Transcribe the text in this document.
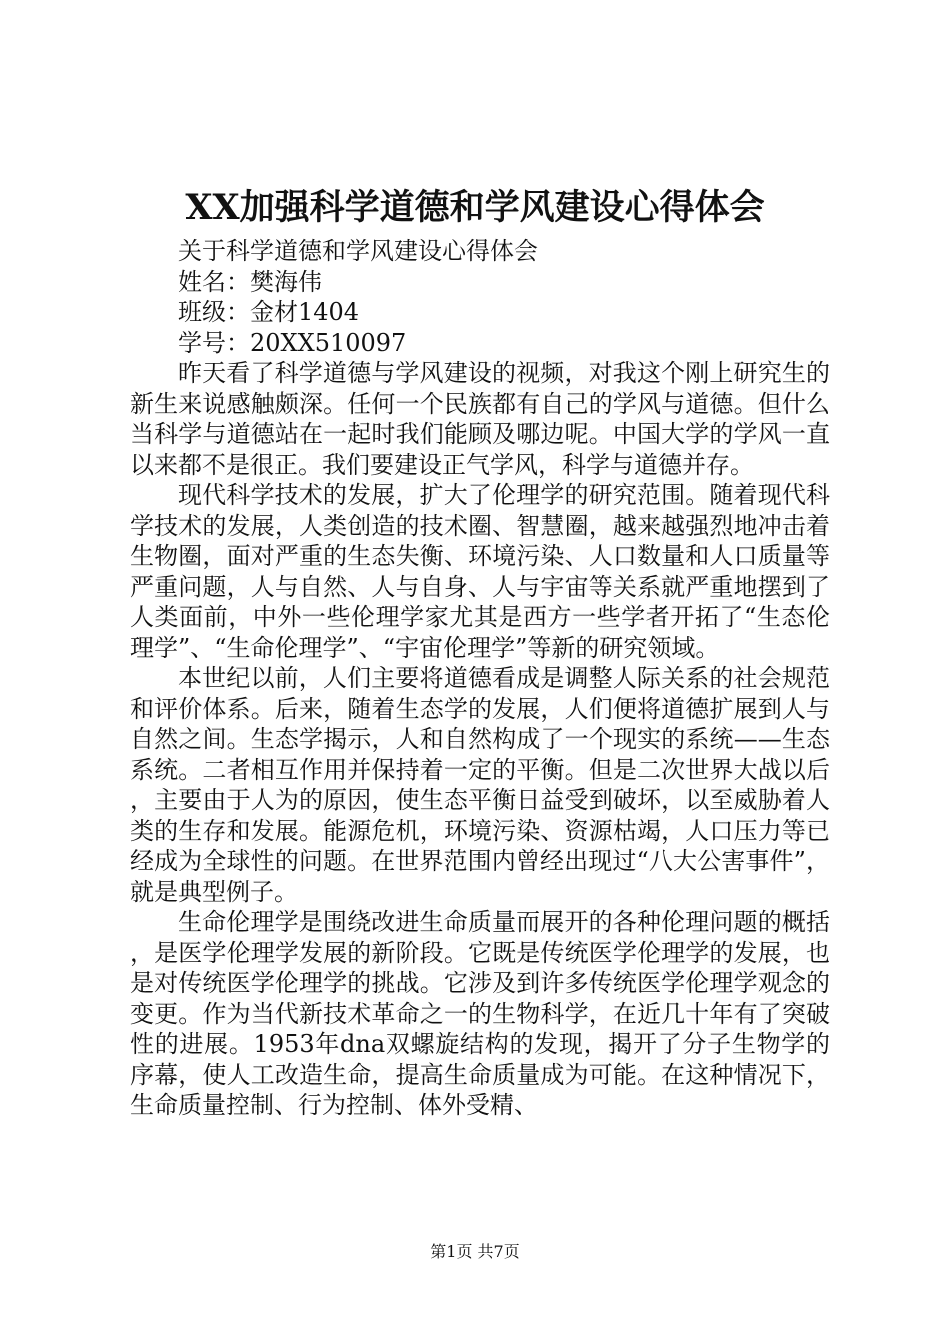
XX加强科学道德和学风建设心得体会

关于科学道德和学风建设心得体会

姓名：樊海伟

班级：金材1404

学号：20XX510097

昨天看了科学道德与学风建设的视频，对我这个刚上研究生的新生来说感触颇深。任何一个民族都有自己的学风与道德。但什么当科学与道德站在一起时我们能顾及哪边呢。中国大学的学风一直以来都不是很正。我们要建设正气学风，科学与道德并存。

现代科学技术的发展，扩大了伦理学的研究范围。随着现代科学技术的发展，人类创造的技术圈、智慧圈，越来越强烈地冲击着生物圈，面对严重的生态失衡、环境污染、人口数量和人口质量等严重问题，人与自然、人与自身、人与宇宙等关系就严重地摆到了人类面前，中外一些伦理学家尤其是西方一些学者开拓了“生态伦理学”、“生命伦理学”、“宇宙伦理学”等新的研究领域。

本世纪以前，人们主要将道德看成是调整人际关系的社会规范和评价体系。后来，随着生态学的发展，人们便将道德扩展到人与自然之间。生态学揭示，人和自然构成了一个现实的系统——生态系统。二者相互作用并保持着一定的平衡。但是二次世界大战以后，主要由于人为的原因，使生态平衡日益受到破坏，以至威胁着人类的生存和发展。能源危机，环境污染、资源枯竭，人口压力等已经成为全球性的问题。在世界范围内曾经出现过“八大公害事件”，就是典型例子。

生命伦理学是围绕改进生命质量而展开的各种伦理问题的概括，是医学伦理学发展的新阶段。它既是传统医学伦理学的发展，也是对传统医学伦理学的挑战。它涉及到许多传统医学伦理学观念的变更。作为当代新技术革命之一的生物科学，在近几十年有了突破性的进展。1953年dna双螺旋结构的发现，揭开了分子生物学的序幕，使人工改造生命，提高生命质量成为可能。在这种情况下，生命质量控制、行为控制、体外受精、

第1页 共7页
